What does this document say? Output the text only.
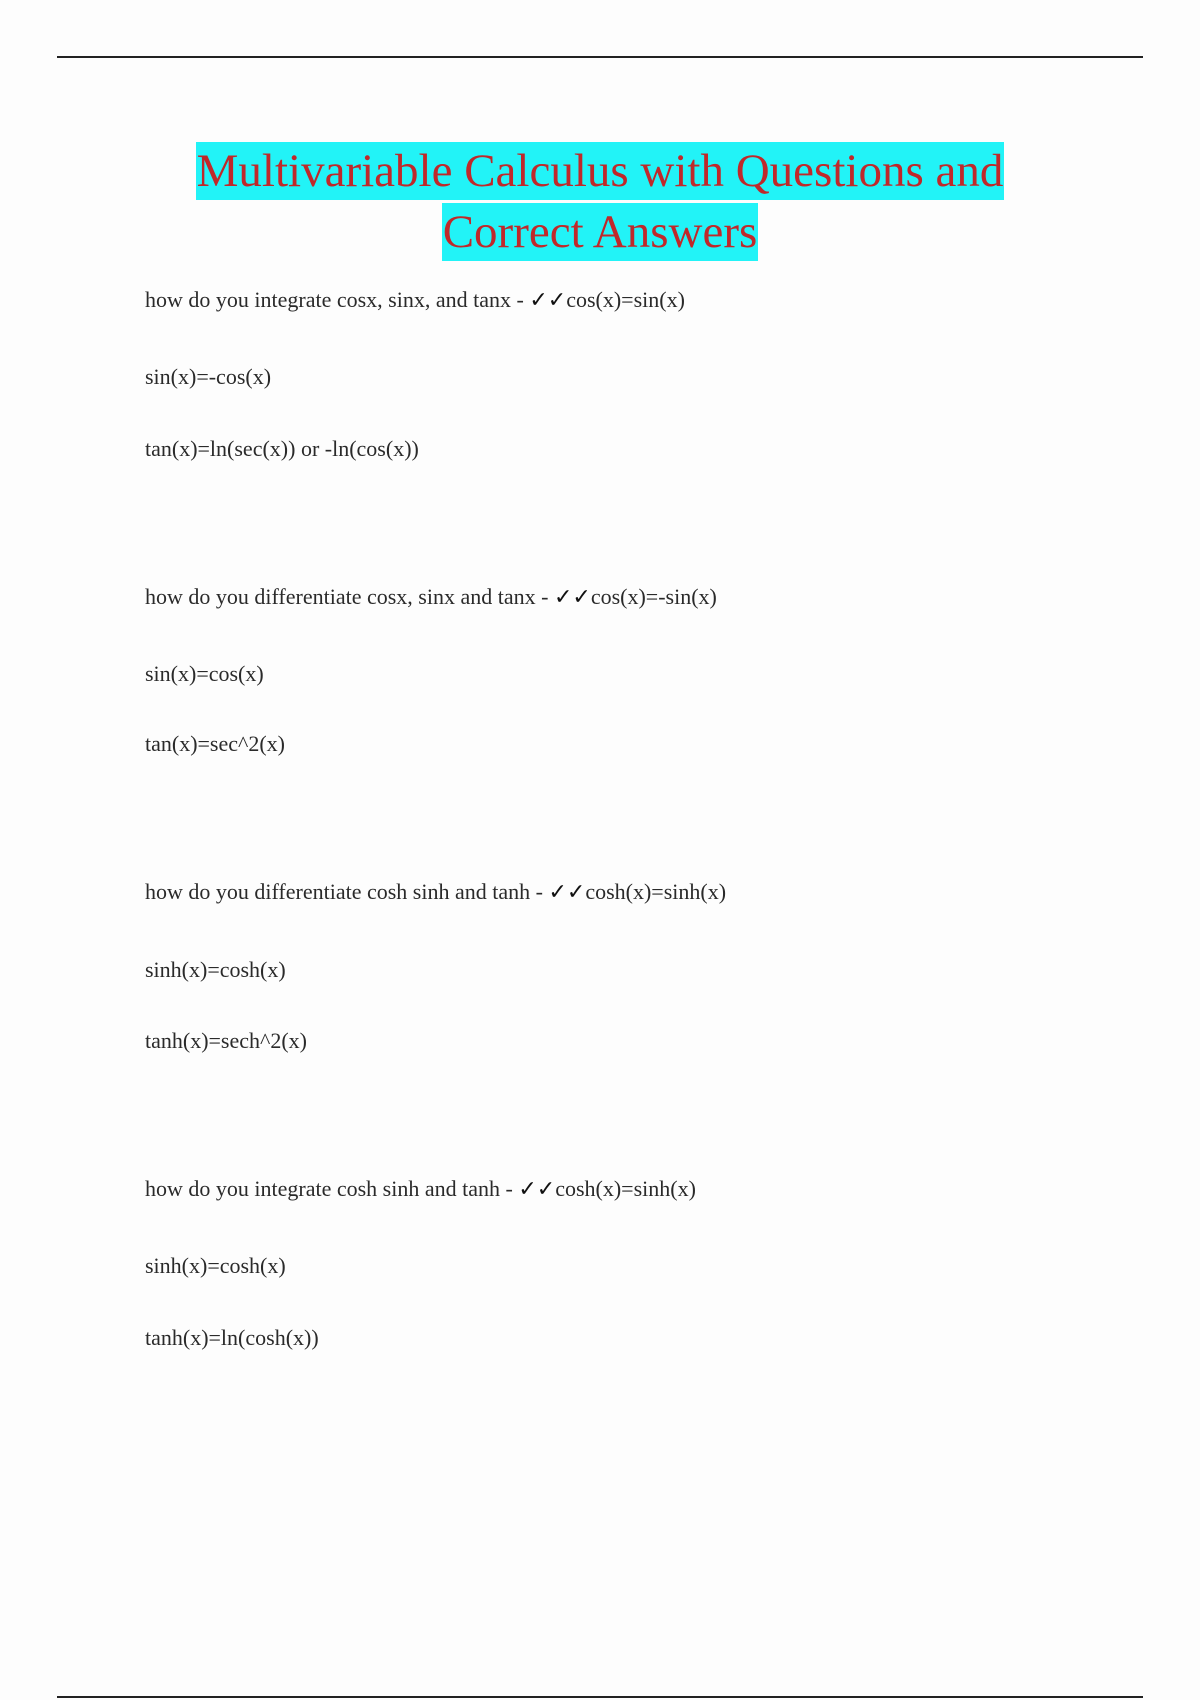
Multivariable Calculus with Questions and
Correct Answers
how do you integrate cosx, sinx, and tanx - ✓✓cos(x)=sin(x)
sin(x)=-cos(x)
tan(x)=ln(sec(x)) or -ln(cos(x))
how do you differentiate cosx, sinx and tanx - ✓✓cos(x)=-sin(x)
sin(x)=cos(x)
tan(x)=sec^2(x)
how do you differentiate cosh sinh and tanh - ✓✓cosh(x)=sinh(x)
sinh(x)=cosh(x)
tanh(x)=sech^2(x)
how do you integrate cosh sinh and tanh - ✓✓cosh(x)=sinh(x)
sinh(x)=cosh(x)
tanh(x)=ln(cosh(x))
